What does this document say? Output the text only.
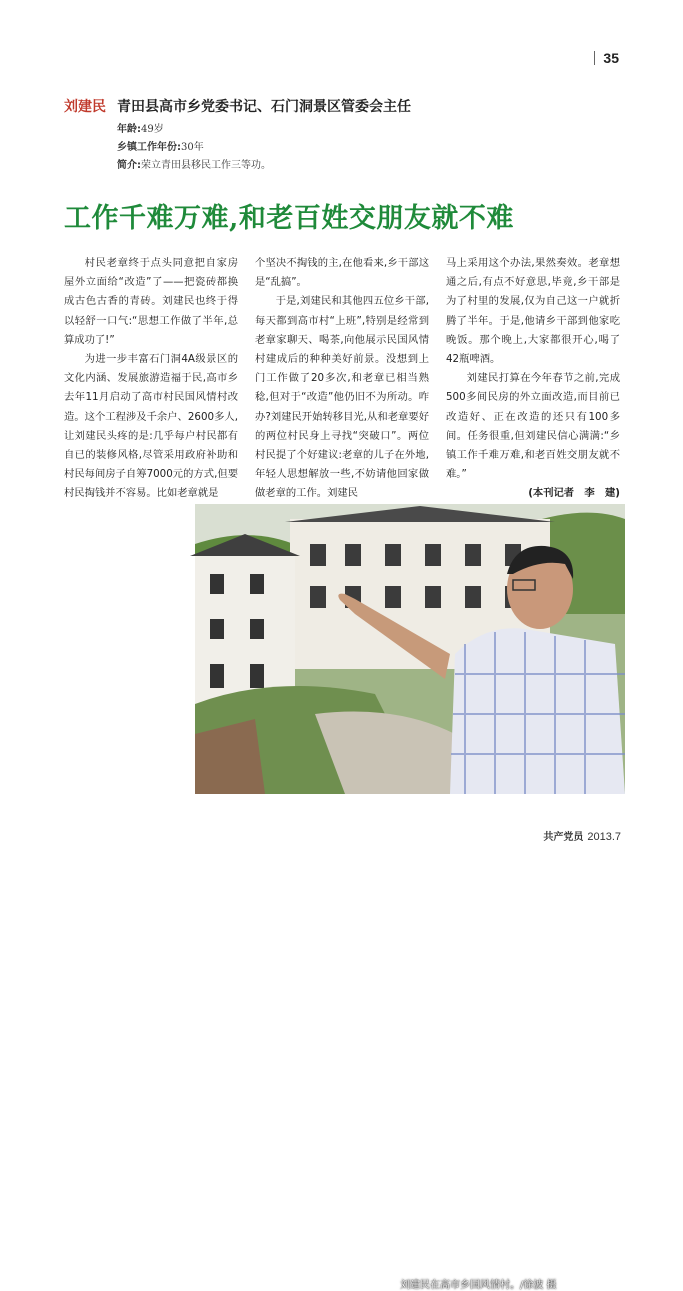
35
刘建民 青田县高市乡党委书记、石门洞景区管委会主任
年龄:49岁
乡镇工作年份:30年
简介:荣立青田县移民工作三等功。
工作千难万难,和老百姓交朋友就不难

村民老章终于点头同意把自家房屋外立面给“改造”了——把瓷砖都换成古色古香的青砖。刘建民也终于得以轻舒一口气:“思想工作做了半年,总算成功了!”

为进一步丰富石门洞4A级景区的文化内涵、发展旅游造福于民,高市乡去年11月启动了高市村民国风情村改造。这个工程涉及千余户、2600多人,让刘建民头疼的是:几乎每户村民都有自已的装修风格,尽管采用政府补助和村民每间房子自筹7000元的方式,但要村民掏钱并不容易。比如老章就是

个坚决不掏钱的主,在他看来,乡干部这是“乱搞”。

于是,刘建民和其他四五位乡干部,每天都到高市村“上班”,特别是经常到老章家聊天、喝茶,向他展示民国风情村建成后的种种美好前景。没想到上门工作做了20多次,和老章已相当熟稔,但对于“改造”他仍旧不为所动。咋办?刘建民开始转移目光,从和老章要好的两位村民身上寻找“突破口”。两位村民提了个好建议:老章的儿子在外地,年轻人思想解放一些,不妨请他回家做做老章的工作。刘建民

马上采用这个办法,果然奏效。老章想通之后,有点不好意思,毕竟,乡干部是为了村里的发展,仅为自己这一户就折腾了半年。于是,他请乡干部到他家吃晚饭。那个晚上,大家都很开心,喝了42瓶啤酒。

刘建民打算在今年春节之前,完成500多间民房的外立面改造,而目前已改造好、正在改造的还只有100多间。任务很重,但刘建民信心满满:“乡镇工作千难万难,和老百姓交朋友就不难。”

(本刊记者　李　建)
刘建民在高市乡国风情村。/徐波 摄
共产党员 2013.7
